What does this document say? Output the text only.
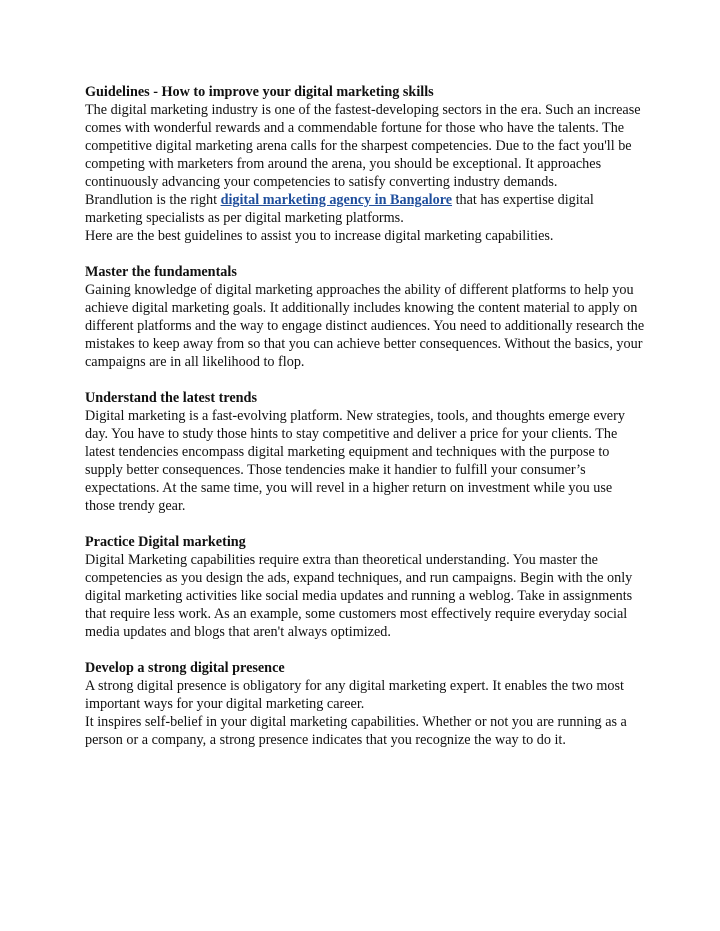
Guidelines - How to improve your digital marketing skills

The digital marketing industry is one of the fastest-developing sectors in the era. Such an increase comes with wonderful rewards and a commendable fortune for those who have the talents. The competitive digital marketing arena calls for the sharpest competencies. Due to the fact you'll be competing with marketers from around the arena, you should be exceptional. It approaches continuously advancing your competencies to satisfy converting industry demands.

Brandlution is the right digital marketing agency in Bangalore that has expertise digital marketing specialists as per digital marketing platforms.

Here are the best guidelines to assist you to increase digital marketing capabilities.

Master the fundamentals

Gaining knowledge of digital marketing approaches the ability of different platforms to help you achieve digital marketing goals. It additionally includes knowing the content material to apply on different platforms and the way to engage distinct audiences. You need to additionally research the mistakes to keep away from so that you can achieve better consequences. Without the basics, your campaigns are in all likelihood to flop.

Understand the latest trends

Digital marketing is a fast-evolving platform. New strategies, tools, and thoughts emerge every day. You have to study those hints to stay competitive and deliver a price for your clients. The latest tendencies encompass digital marketing equipment and techniques with the purpose to supply better consequences. Those tendencies make it handier to fulfill your consumer’s expectations. At the same time, you will revel in a higher return on investment while you use those trendy gear.

Practice Digital marketing

Digital Marketing capabilities require extra than theoretical understanding. You master the competencies as you design the ads, expand techniques, and run campaigns. Begin with the only digital marketing activities like social media updates and running a weblog. Take in assignments that require less work. As an example, some customers most effectively require everyday social media updates and blogs that aren't always optimized.

Develop a strong digital presence

A strong digital presence is obligatory for any digital marketing expert. It enables the two most important ways for your digital marketing career.

It inspires self-belief in your digital marketing capabilities. Whether or not you are running as a person or a company, a strong presence indicates that you recognize the way to do it.
